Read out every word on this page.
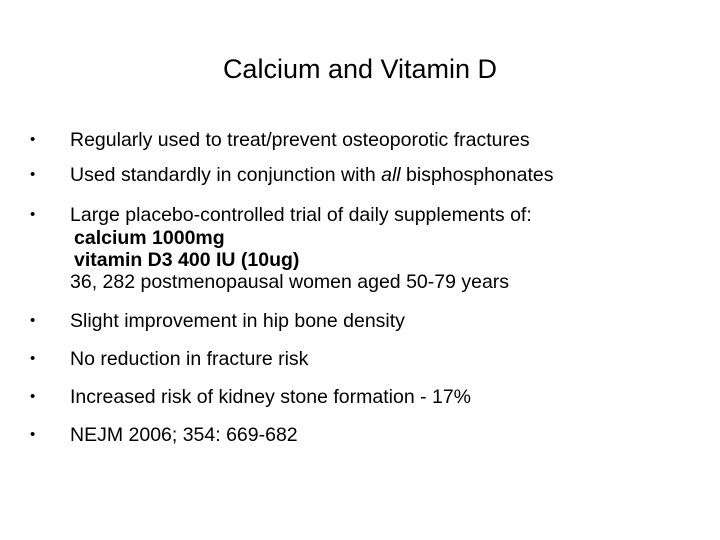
Calcium and Vitamin D
•	Regularly used to treat/prevent osteoporotic fractures
•	Used standardly in conjunction with all bisphosphonates
•	Large placebo-controlled trial of daily supplements of:
calcium 1000mg
vitamin D3 400 IU (10ug)
36, 282 postmenopausal women aged 50-79 years
•	Slight improvement in hip bone density
•	No reduction in fracture risk
•	Increased risk of kidney stone formation - 17%
•	NEJM 2006; 354: 669-682
